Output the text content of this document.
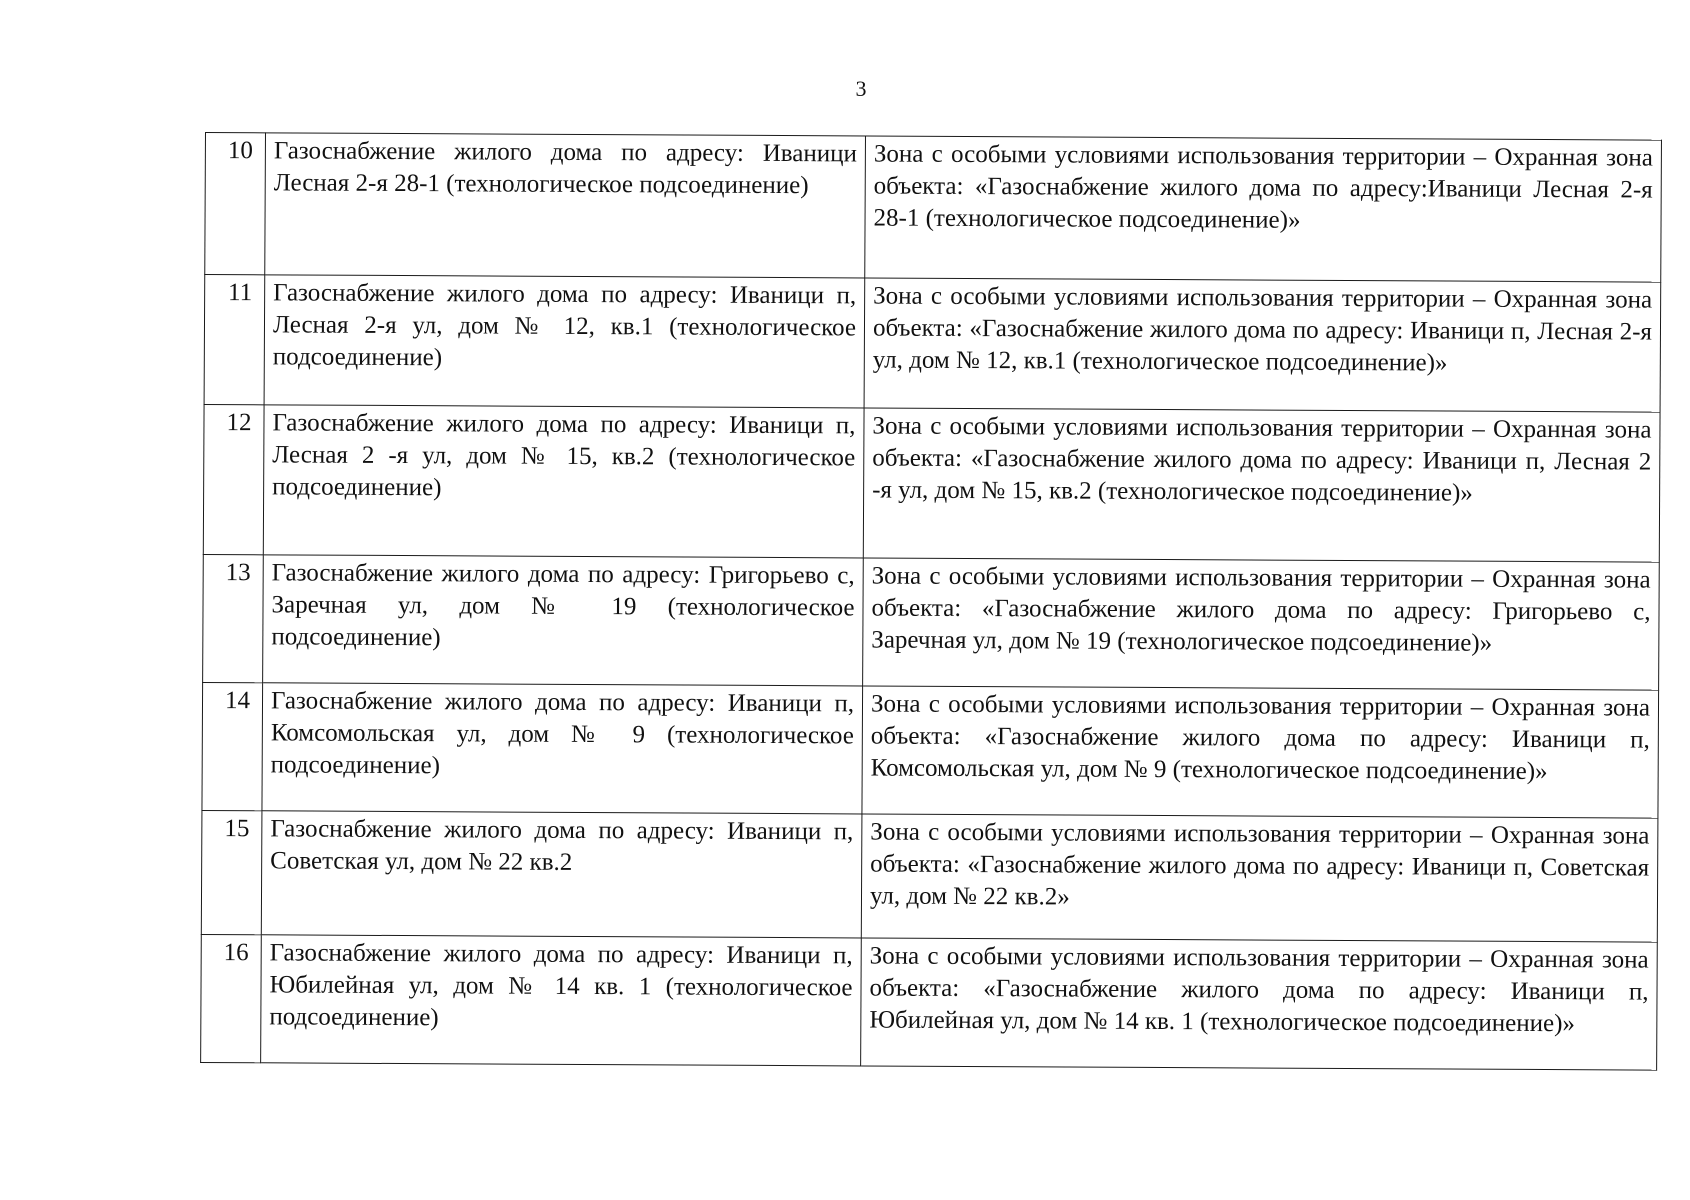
3
10	Газоснабжение жилого дома по адресу: Иваници Лесная 2-я 28-1 (технологическое подсоединение)	Зона с особыми условиями использования территории – Охранная зона объекта: «Газоснабжение жилого дома по адресу:Иваници Лесная 2-я 28-1 (технологическое подсоединение)»
11	Газоснабжение жилого дома по адресу: Иваници п, Лесная 2-я ул, дом № 12, кв.1 (технологическое подсоединение)	Зона с особыми условиями использования территории – Охранная зона объекта: «Газоснабжение жилого дома по адресу: Иваници п, Лесная 2-я ул, дом № 12, кв.1 (технологическое подсоединение)»
12	Газоснабжение жилого дома по адресу: Иваници п, Лесная 2 -я ул, дом № 15, кв.2 (технологическое подсоединение)	Зона с особыми условиями использования территории – Охранная зона объекта: «Газоснабжение жилого дома по адресу: Иваници п, Лесная 2 -я ул, дом № 15, кв.2 (технологическое подсоединение)»
13	Газоснабжение жилого дома по адресу: Григорьево с, Заречная ул, дом № 19 (технологическое подсоединение)	Зона с особыми условиями использования территории – Охранная зона объекта: «Газоснабжение жилого дома по адресу: Григорьево с, Заречная ул, дом № 19 (технологическое подсоединение)»
14	Газоснабжение жилого дома по адресу: Иваници п, Комсомольская ул, дом № 9 (технологическое подсоединение)	Зона с особыми условиями использования территории – Охранная зона объекта: «Газоснабжение жилого дома по адресу: Иваници п, Комсомольская ул, дом № 9 (технологическое подсоединение)»
15	Газоснабжение жилого дома по адресу: Иваници п, Советская ул, дом № 22 кв.2	Зона с особыми условиями использования территории – Охранная зона объекта: «Газоснабжение жилого дома по адресу: Иваници п, Советская ул, дом № 22 кв.2»
16	Газоснабжение жилого дома по адресу: Иваници п, Юбилейная ул, дом № 14 кв. 1 (технологическое подсоединение)	Зона с особыми условиями использования территории – Охранная зона объекта: «Газоснабжение жилого дома по адресу: Иваници п, Юбилейная ул, дом № 14 кв. 1 (технологическое подсоединение)»
